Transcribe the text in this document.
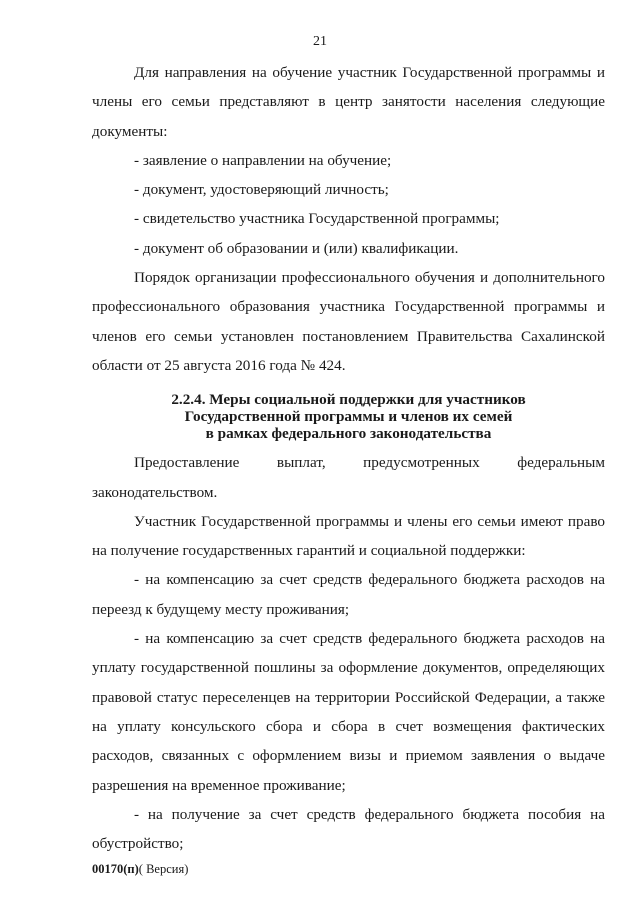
21

Для направления на обучение участник Государственной программы и члены его семьи представляют в центр занятости населения следующие документы:

- заявление о направлении на обучение;

- документ, удостоверяющий личность;

- свидетельство участника Государственной программы;

- документ об образовании и (или) квалификации.

Порядок организации профессионального обучения и дополнительного профессионального образования участника Государственной программы и членов его семьи установлен постановлением Правительства Сахалинской области от 25 августа 2016 года № 424.

2.2.4. Меры социальной поддержки для участников
Государственной программы и членов их семей
в рамках федерального законодательства

Предоставление выплат, предусмотренных федеральным законодательством.

Участник Государственной программы и члены его семьи имеют право на получение государственных гарантий и социальной поддержки:

- на компенсацию за счет средств федерального бюджета расходов на переезд к будущему месту проживания;

- на компенсацию за счет средств федерального бюджета расходов на уплату государственной пошлины за оформление документов, определяющих правовой статус переселенцев на территории Российской Федерации, а также на уплату консульского сбора и сбора в счет возмещения фактических расходов, связанных с оформлением визы и приемом заявления о выдаче разрешения на временное проживание;

- на получение за счет средств федерального бюджета пособия на обустройство;

00170(п)( Версия)
